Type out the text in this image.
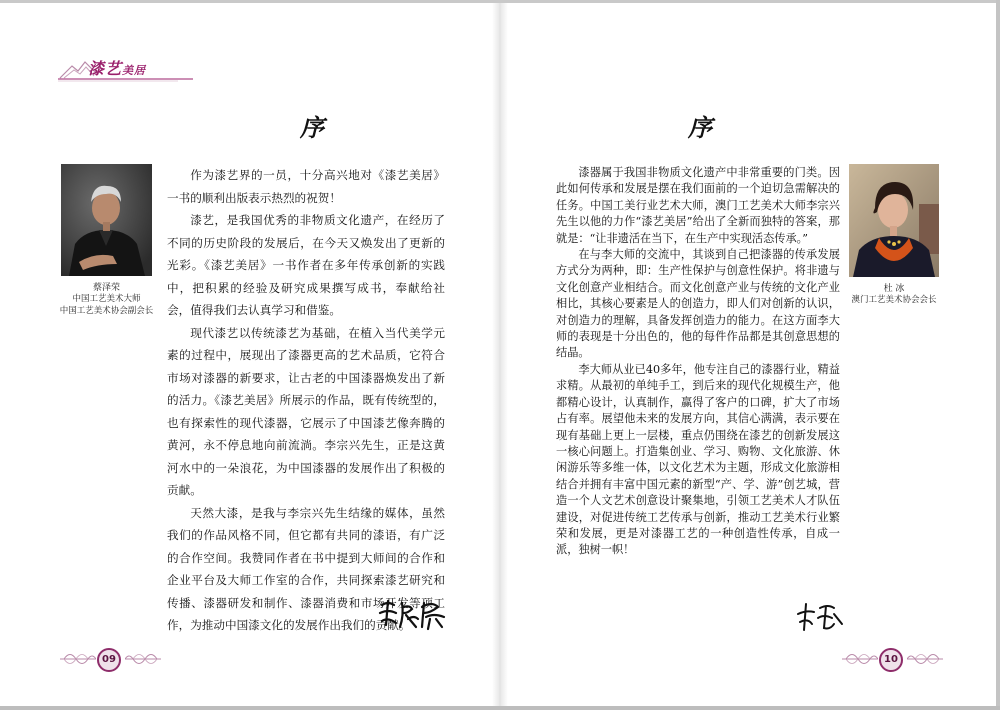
漆艺美居
序
蔡泽荣
中国工艺美术大师
中国工艺美术协会副会长

作为漆艺界的一员，十分高兴地对《漆艺美居》一书的顺利出版表示热烈的祝贺！

漆艺，是我国优秀的非物质文化遗产，在经历了不同的历史阶段的发展后，在今天又焕发出了更新的光彩。《漆艺美居》一书作者在多年传承创新的实践中，把积累的经验及研究成果撰写成书，奉献给社会，值得我们去认真学习和借鉴。

现代漆艺以传统漆艺为基础，在植入当代美学元素的过程中，展现出了漆器更高的艺术品质，它符合市场对漆器的新要求，让古老的中国漆器焕发出了新的活力。《漆艺美居》所展示的作品，既有传统型的，也有探索性的现代漆器，它展示了中国漆艺像奔腾的黄河，永不停息地向前流淌。李宗兴先生，正是这黄河水中的一朵浪花，为中国漆器的发展作出了积极的贡献。

天然大漆，是我与李宗兴先生结缘的媒体，虽然我们的作品风格不同，但它都有共同的漆语，有广泛的合作空间。我赞同作者在书中提到大师间的合作和企业平台及大师工作室的合作，共同探索漆艺研究和传播、漆器研发和制作、漆器消费和市场开发等项工作，为推动中国漆文化的发展作出我们的贡献。

09
序

漆器属于我国非物质文化遗产中非常重要的门类。因此如何传承和发展是摆在我们面前的一个迫切急需解决的任务。中国工美行业艺术大师，澳门工艺美术大师李宗兴先生以他的力作“漆艺美居”给出了全新而独特的答案，那就是：“让非遗活在当下，在生产中实现活态传承。”

在与李大师的交流中，其谈到自己把漆器的传承发展方式分为两种，即：生产性保护与创意性保护。将非遗与文化创意产业相结合。而文化创意产业与传统的文化产业相比，其核心要素是人的创造力，即人们对创新的认识，对创造力的理解，具备发挥创造力的能力。在这方面李大师的表现是十分出色的，他的每件作品都是其创意思想的结晶。

李大师从业已40多年，他专注自己的漆器行业，精益求精。从最初的单纯手工，到后来的现代化规模生产，他都精心设计，认真制作，赢得了客户的口碑，扩大了市场占有率。展望他未来的发展方向，其信心满满，表示要在现有基础上更上一层楼，重点仍围绕在漆艺的创新发展这一核心问题上。打造集创业、学习、购物、文化旅游、休闲游乐等多维一体，以文化艺术为主题，形成文化旅游相结合并拥有丰富中国元素的新型“产、学、游”创艺城，营造一个人文艺术创意设计聚集地，引领工艺美术人才队伍建设，对促进传统工艺传承与创新，推动工艺美术行业繁荣和发展，更是对漆器工艺的一种创造性传承，自成一派，独树一帜！

杜 冰
澳门工艺美术协会会长
10
